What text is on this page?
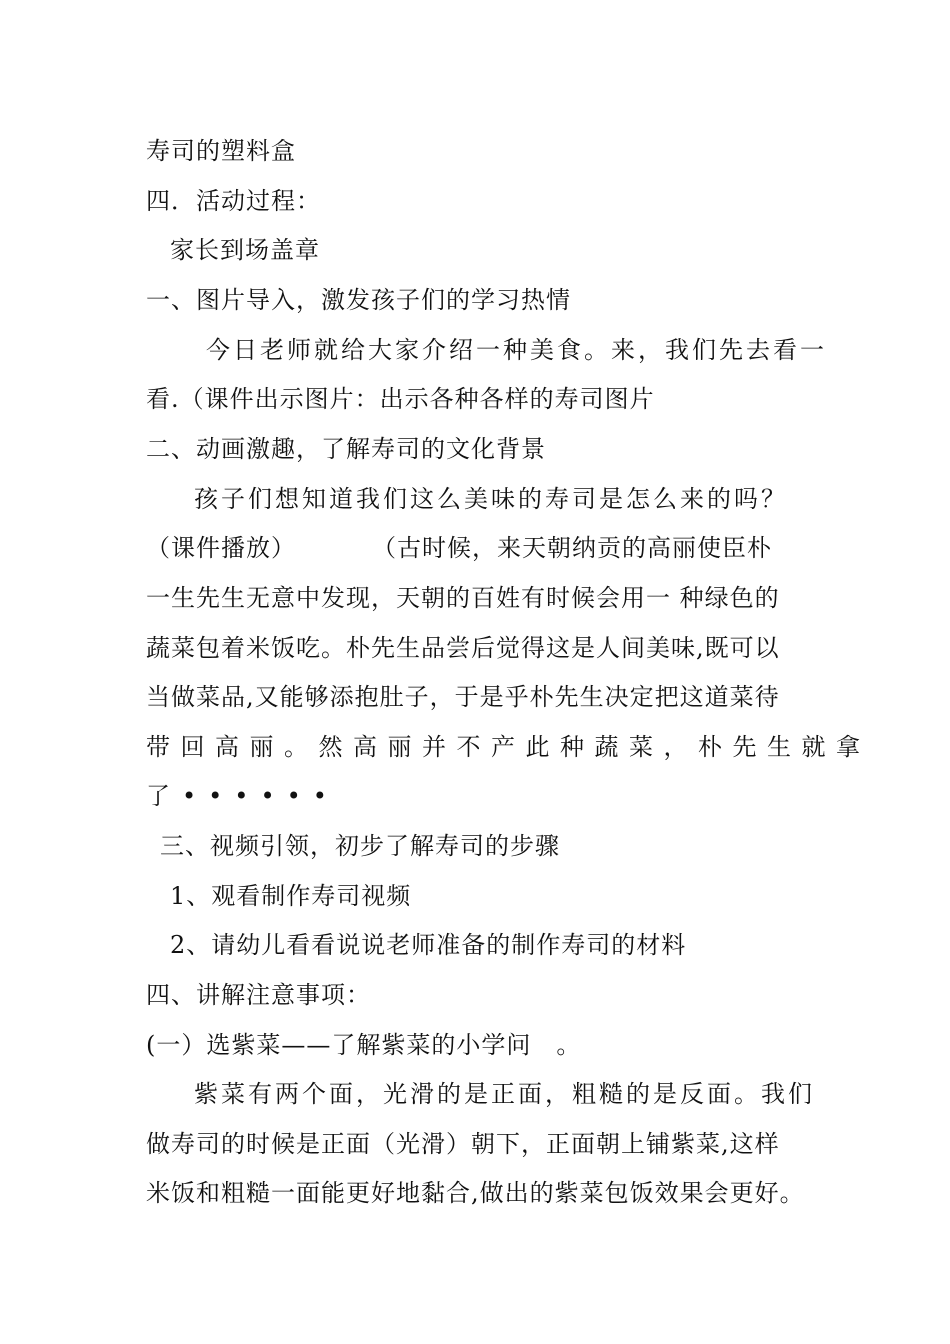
寿司的塑料盒

四．活动过程：

家长到场盖章

一、图片导入，激发孩子们的学习热情

今日老师就给大家介绍一种美食。来，我们先去看一

看.（课件出示图片：出示各种各样的寿司图片

二、动画激趣，了解寿司的文化背景

孩子们想知道我们这么美味的寿司是怎么来的吗？

（课件播放）　　　　（古时候，来天朝纳贡的高丽使臣朴

一生先生无意中发现，天朝的百姓有时候会用一 种绿色的

蔬菜包着米饭吃。朴先生品尝后觉得这是人间美味,既可以

当做菜品,又能够添抱肚子，于是乎朴先生决定把这道菜待

带回高丽。然高丽并不产此种蔬菜，朴先生就拿

了••••••

三、视频引领，初步了解寿司的步骤

1、观看制作寿司视频

2、请幼儿看看说说老师准备的制作寿司的材料

四、讲解注意事项：

(一）选紫菜——了解紫菜的小学问　。

紫菜有两个面，光滑的是正面，粗糙的是反面。我们

做寿司的时候是正面（光滑）朝下，正面朝上铺紫菜,这样

米饭和粗糙一面能更好地黏合,做出的紫菜包饭效果会更好。
